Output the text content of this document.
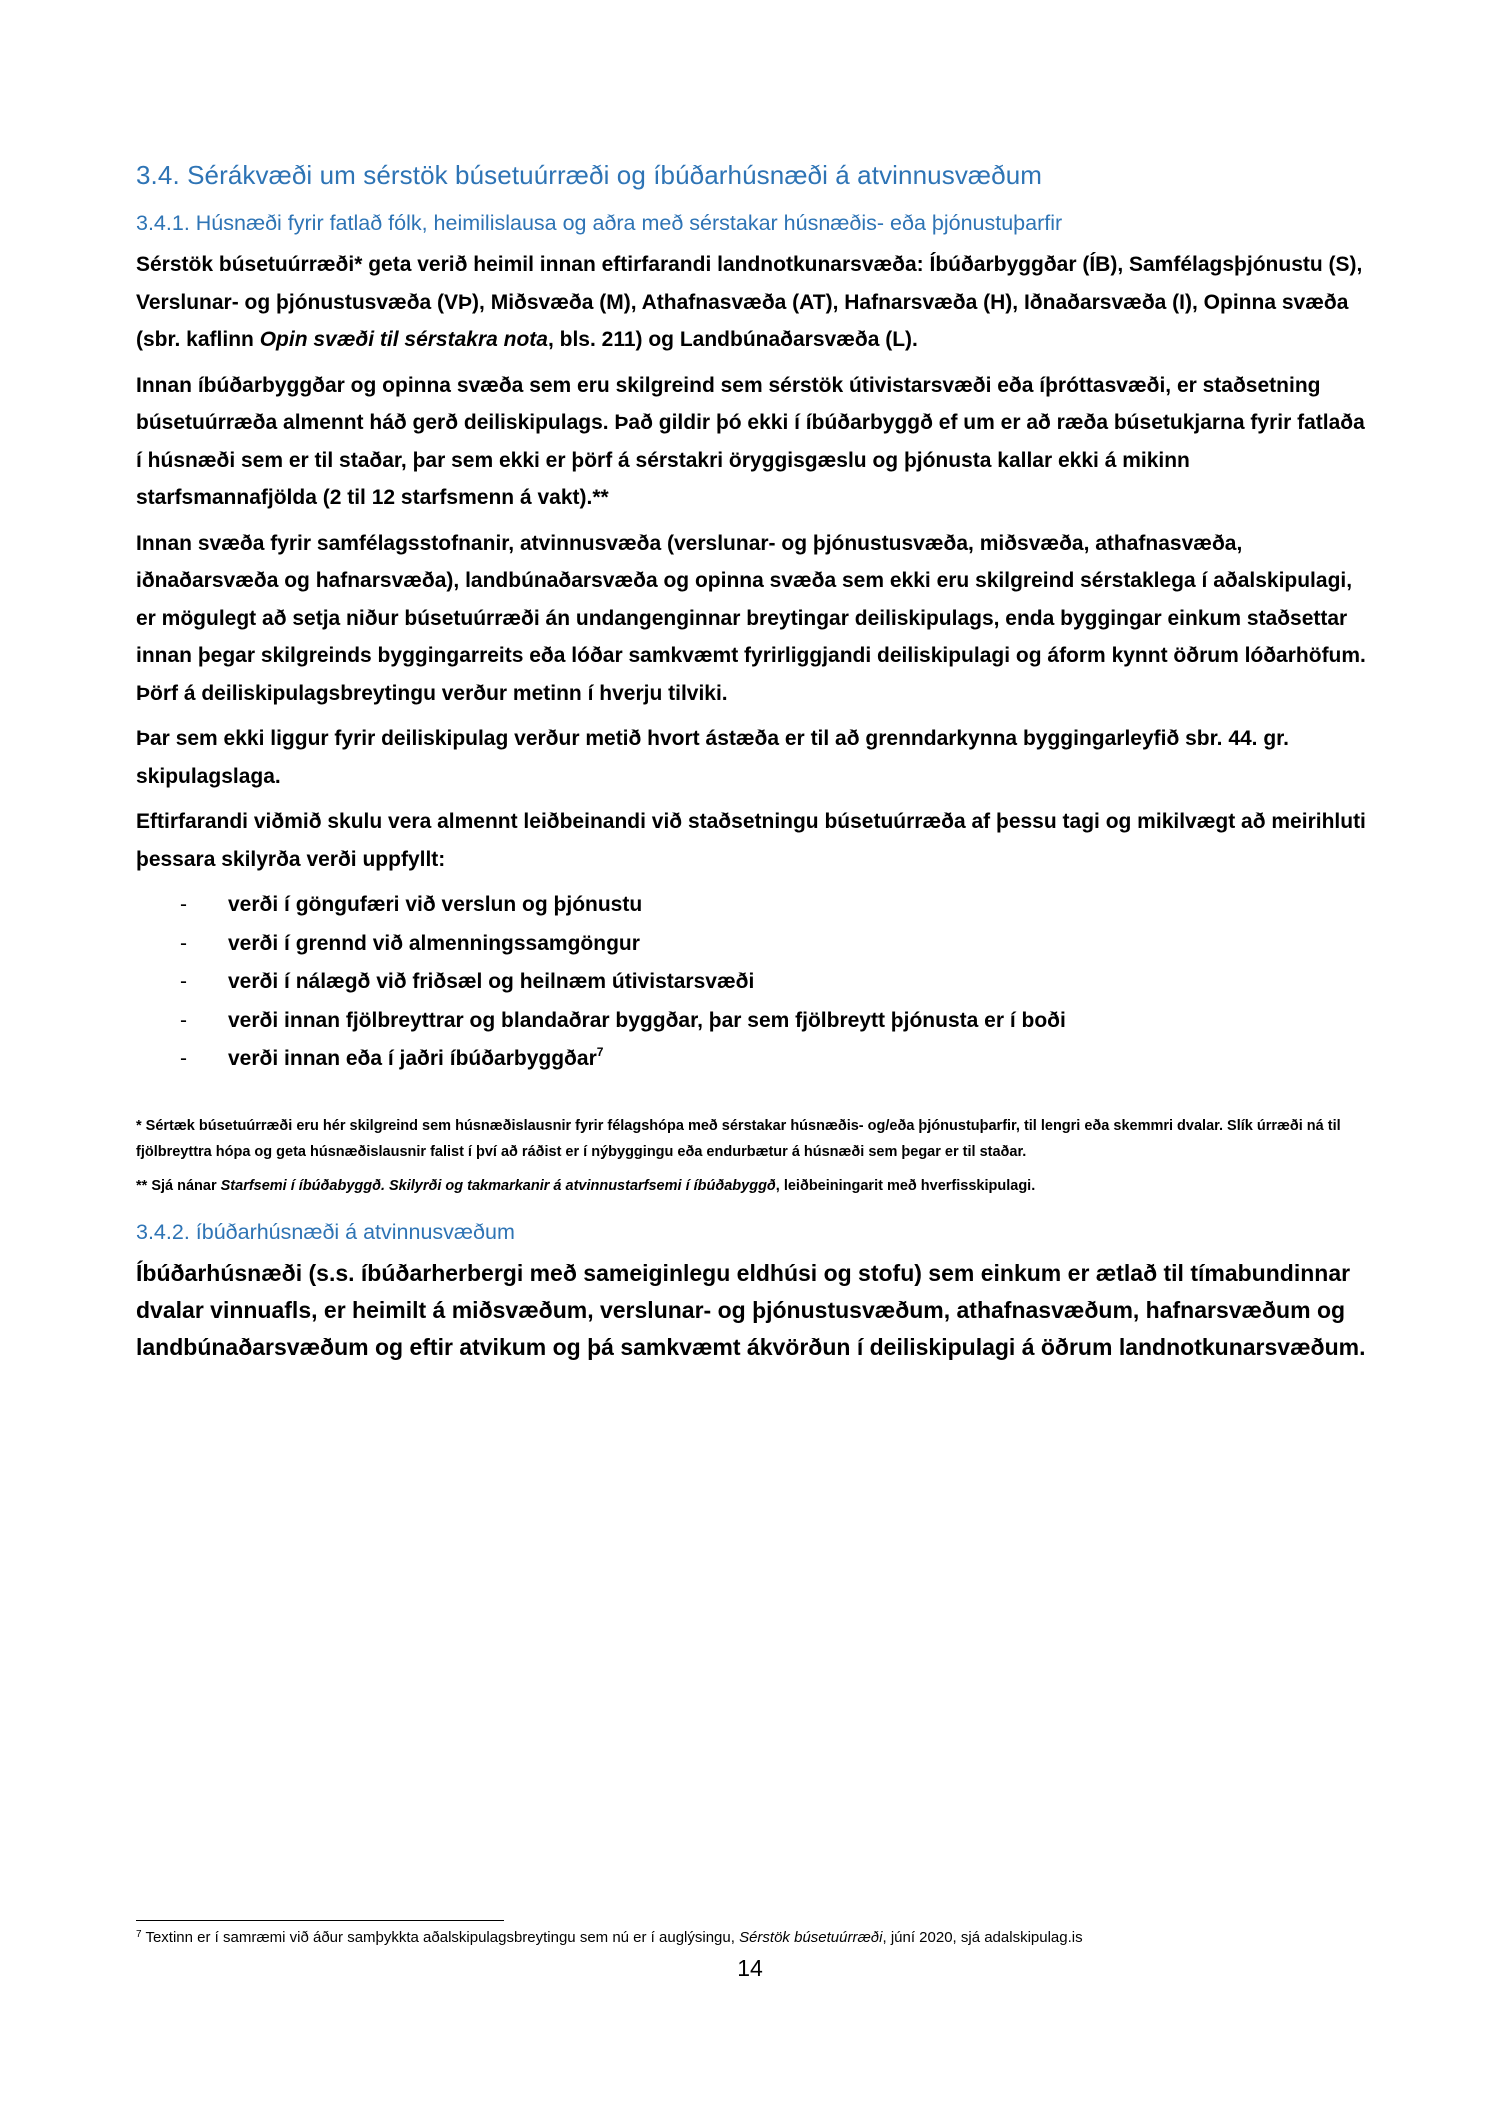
3.4. Sérákvæði um sérstök búsetuúrræði og íbúðarhúsnæði á atvinnusvæðum
3.4.1. Húsnæði fyrir fatlað fólk, heimilislausa og aðra með sérstakar húsnæðis- eða þjónustuþarfir

Sérstök búsetuúrræði* geta verið heimil innan eftirfarandi landnotkunarsvæða: Íbúðarbyggðar (ÍB), Samfélagsþjónustu (S), Verslunar- og þjónustusvæða (VÞ), Miðsvæða (M), Athafnasvæða (AT), Hafnarsvæða (H), Iðnaðarsvæða (I), Opinna svæða (sbr. kaflinn Opin svæði til sérstakra nota, bls. 211) og Landbúnaðarsvæða (L).

Innan íbúðarbyggðar og opinna svæða sem eru skilgreind sem sérstök útivistarsvæði eða íþróttasvæði, er staðsetning búsetuúrræða almennt háð gerð deiliskipulags. Það gildir þó ekki í íbúðarbyggð ef um er að ræða búsetukjarna fyrir fatlaða í húsnæði sem er til staðar, þar sem ekki er þörf á sérstakri öryggisgæslu og þjónusta kallar ekki á mikinn starfsmannafjölda (2 til 12 starfsmenn á vakt).**

Innan svæða fyrir samfélagsstofnanir, atvinnusvæða (verslunar- og þjónustusvæða, miðsvæða, athafnasvæða, iðnaðarsvæða og hafnarsvæða), landbúnaðarsvæða og opinna svæða sem ekki eru skilgreind sérstaklega í aðalskipulagi, er mögulegt að setja niður búsetuúrræði án undangenginnar breytingar deiliskipulags, enda byggingar einkum staðsettar innan þegar skilgreinds byggingarreits eða lóðar samkvæmt fyrirliggjandi deiliskipulagi og áform kynnt öðrum lóðarhöfum. Þörf á deiliskipulagsbreytingu verður metinn í hverju tilviki.

Þar sem ekki liggur fyrir deiliskipulag verður metið hvort ástæða er til að grenndarkynna byggingarleyfið sbr. 44. gr. skipulagslaga.

Eftirfarandi viðmið skulu vera almennt leiðbeinandi við staðsetningu búsetuúrræða af þessu tagi og mikilvægt að meirihluti þessara skilyrða verði uppfyllt:

- verði í göngufæri við verslun og þjónustu
- verði í grennd við almenningssamgöngur
- verði í nálægð við friðsæl og heilnæm útivistarsvæði
- verði innan fjölbreyttrar og blandaðrar byggðar, þar sem fjölbreytt þjónusta er í boði
- verði innan eða í jaðri íbúðarbyggðar$^7$

* Sértæk búsetuúrræði eru hér skilgreind sem húsnæðislausnir fyrir félagshópa með sérstakar húsnæðis- og/eða þjónustuþarfir, til lengri eða skemmri dvalar. Slík úrræði ná til fjölbreyttra hópa og geta húsnæðislausnir falist í því að ráðist er í nýbyggingu eða endurbætur á húsnæði sem þegar er til staðar.

** Sjá nánar Starfsemi í íbúðabyggð. Skilyrði og takmarkanir á atvinnustarfsemi í íbúðabyggð, leiðbeiningarit með hverfisskipulagi.

3.4.2. íbúðarhúsnæði á atvinnusvæðum

Íbúðarhúsnæði (s.s. íbúðarherbergi með sameiginlegu eldhúsi og stofu) sem einkum er ætlað til tímabundinnar dvalar vinnuafls, er heimilt á miðsvæðum, verslunar- og þjónustusvæðum, athafnasvæðum, hafnarsvæðum og landbúnaðarsvæðum og eftir atvikum og þá samkvæmt ákvörðun í deiliskipulagi á öðrum landnotkunarsvæðum.

$^7$ Textinn er í samræmi við áður samþykkta aðalskipulagsbreytingu sem nú er í auglýsingu, Sérstök búsetuúrræði, júní 2020, sjá adalskipulag.is
14
